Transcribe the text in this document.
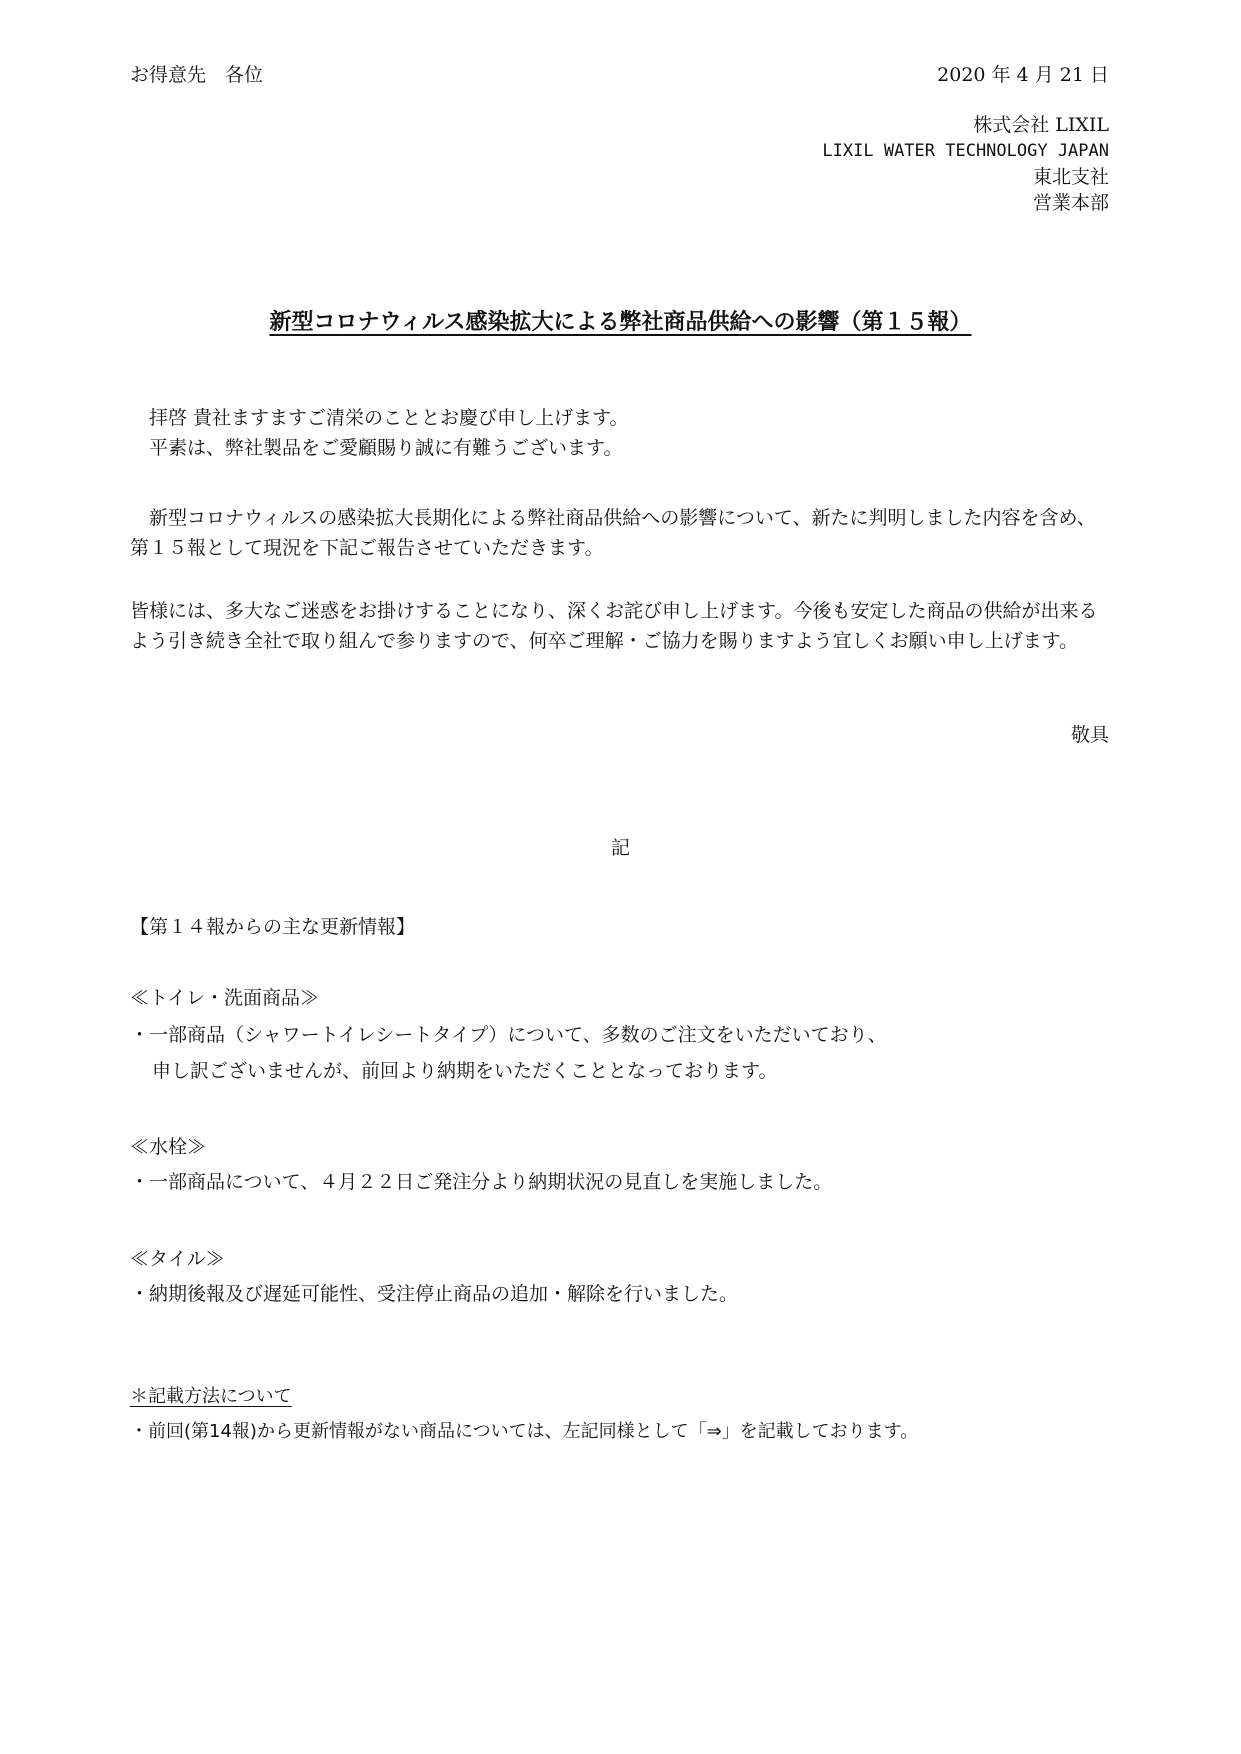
お得意先　各位	2020 年 4 月 21 日
株式会社 LIXIL
LIXIL WATER TECHNOLOGY JAPAN
東北支社
営業本部
新型コロナウィルス感染拡大による弊社商品供給への影響（第１５報）
拝啓 貴社ますますご清栄のこととお慶び申し上げます。
平素は、弊社製品をご愛顧賜り誠に有難うございます。
新型コロナウィルスの感染拡大長期化による弊社商品供給への影響について、新たに判明しました内容を含め、第１５報として現況を下記ご報告させていただきます。
皆様には、多大なご迷惑をお掛けすることになり、深くお詫び申し上げます。今後も安定した商品の供給が出来るよう引き続き全社で取り組んで参りますので、何卒ご理解・ご協力を賜りますよう宜しくお願い申し上げます。
敬具
記
【第１４報からの主な更新情報】
≪トイレ・洗面商品≫
・一部商品（シャワートイレシートタイプ）について、多数のご注文をいただいており、
申し訳ございませんが、前回より納期をいただくこととなっております。
≪水栓≫
・一部商品について、４月２２日ご発注分より納期状況の見直しを実施しました。
≪タイル≫
・納期後報及び遅延可能性、受注停止商品の追加・解除を行いました。
＊記載方法について
・前回(第14報)から更新情報がない商品については、左記同様として「⇒」を記載しております。
